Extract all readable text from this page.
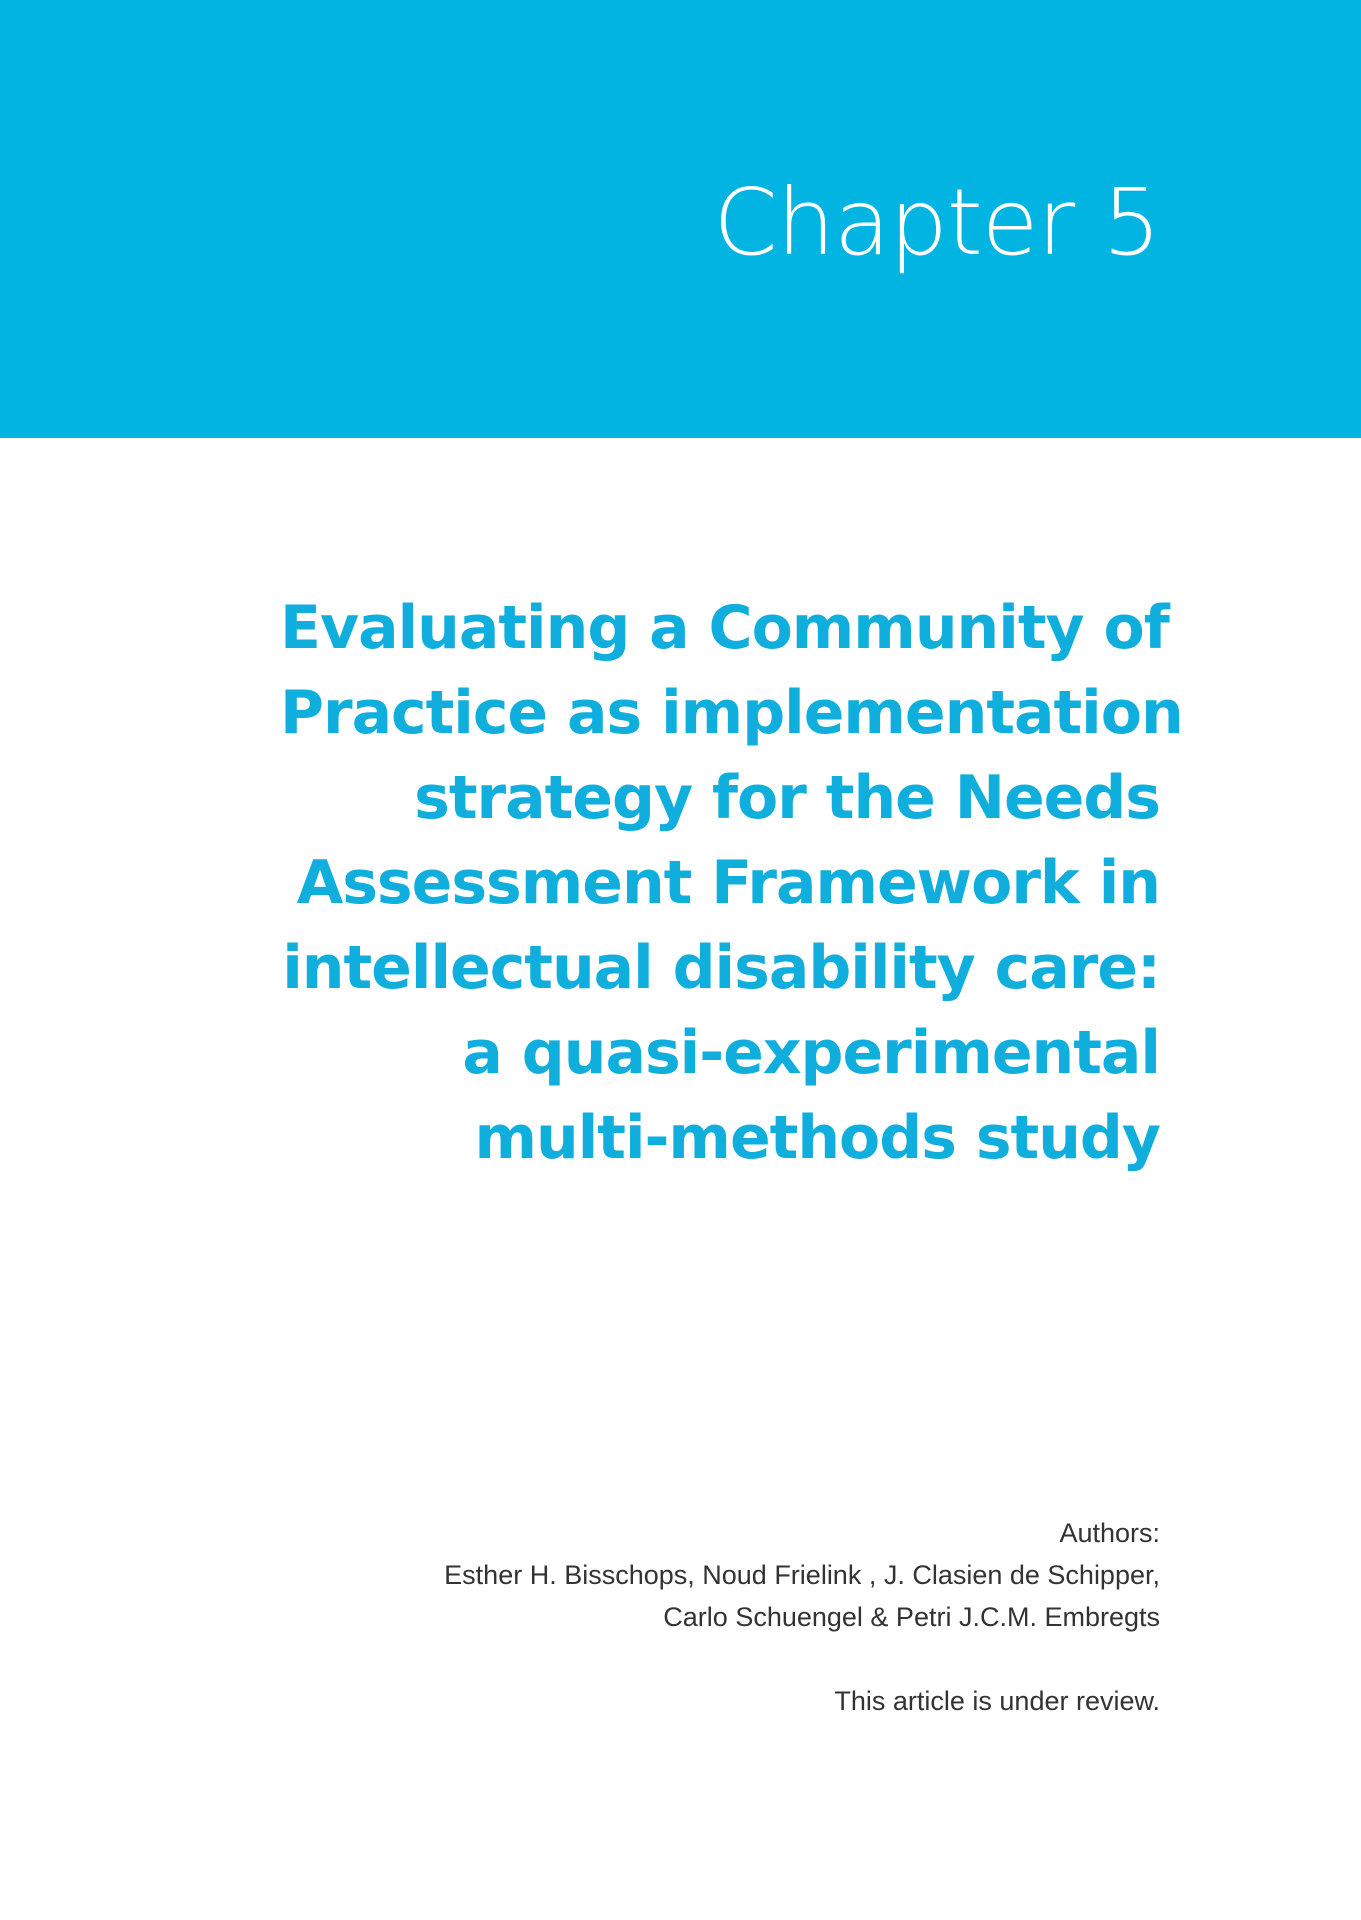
Chapter 5
Evaluating a Community of
Practice as implementation
strategy for the Needs
Assessment Framework in
intellectual disability care:
a quasi-experimental
multi-methods study
Authors:
Esther H. Bisschops, Noud Frielink , J. Clasien de Schipper,
Carlo Schuengel & Petri J.C.M. Embregts

This article is under review.
